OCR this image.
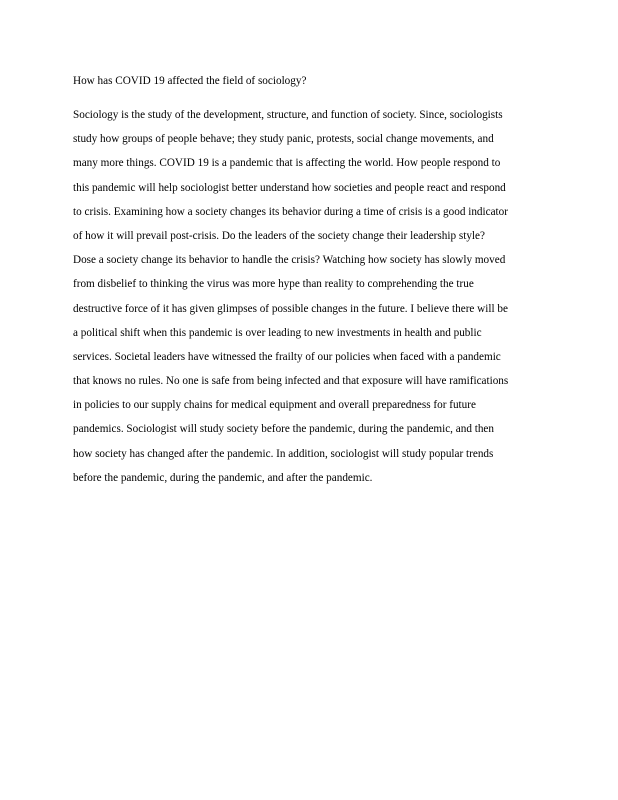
How has COVID 19 affected the field of sociology?

Sociology is the study of the development, structure, and function of society. Since, sociologists
study how groups of people behave; they study panic, protests, social change movements, and
many more things. COVID 19 is a pandemic that is affecting the world. How people respond to
this pandemic will help sociologist better understand how societies and people react and respond
to crisis. Examining how a society changes its behavior during a time of crisis is a good indicator
of how it will prevail post-crisis. Do the leaders of the society change their leadership style?
Dose a society change its behavior to handle the crisis? Watching how society has slowly moved
from disbelief to thinking the virus was more hype than reality to comprehending the true
destructive force of it has given glimpses of possible changes in the future. I believe there will be
a political shift when this pandemic is over leading to new investments in health and public
services. Societal leaders have witnessed the frailty of our policies when faced with a pandemic
that knows no rules. No one is safe from being infected and that exposure will have ramifications
in policies to our supply chains for medical equipment and overall preparedness for future
pandemics. Sociologist will study society before the pandemic, during the pandemic, and then
how society has changed after the pandemic. In addition, sociologist will study popular trends
before the pandemic, during the pandemic, and after the pandemic.
